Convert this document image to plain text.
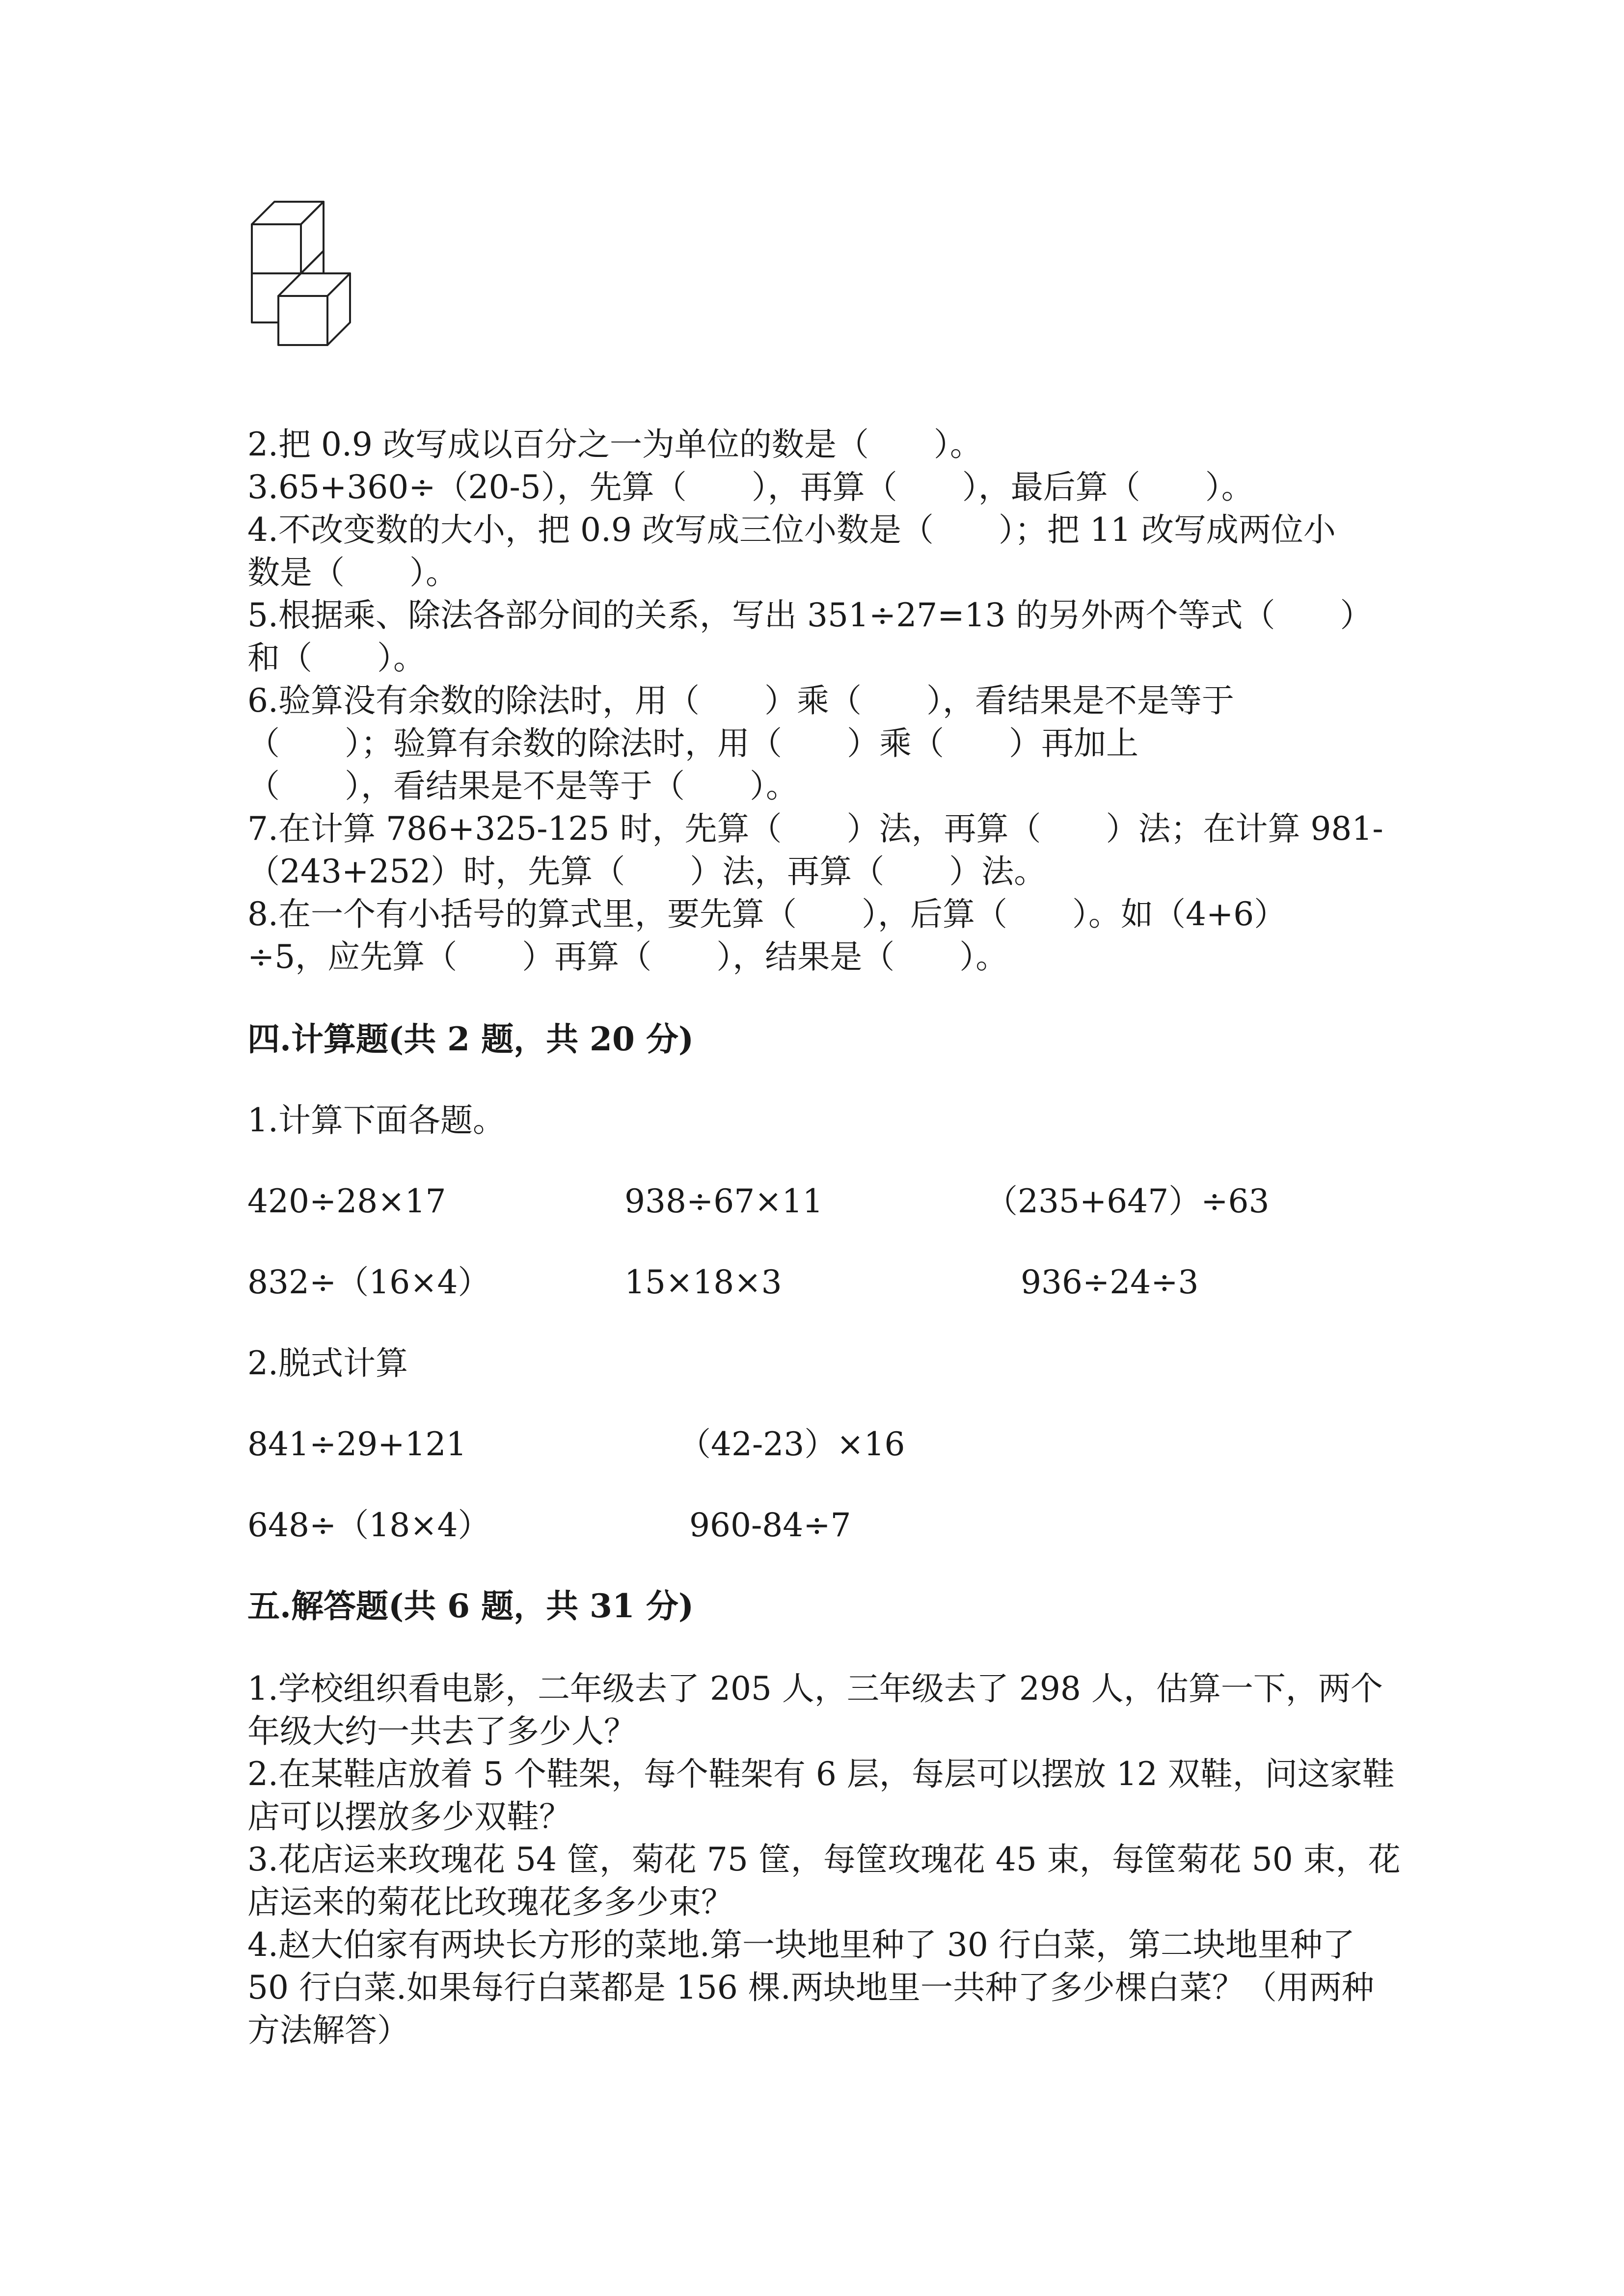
2.把 0.9 改写成以百分之一为单位的数是（　　）。
3.65+360÷（20-5），先算（　　），再算（　　），最后算（　　）。
4.不改变数的大小，把 0.9 改写成三位小数是（　　）；把 11 改写成两位小
数是（　　）。
5.根据乘、除法各部分间的关系，写出 351÷27=13 的另外两个等式（　　）
和（　　）。
6.验算没有余数的除法时，用（　　）乘（　　），看结果是不是等于
（　　）；验算有余数的除法时，用（　　）乘（　　）再加上
（　　），看结果是不是等于（　　）。
7.在计算 786+325-125 时，先算（　　）法，再算（　　）法；在计算 981-
（243+252）时，先算（　　）法，再算（　　）法。
8.在一个有小括号的算式里，要先算（　　），后算（　　）。如（4+6）
÷5，应先算（　　）再算（　　），结果是（　　）。
四.计算题(共 2 题，共 20 分)
1.计算下面各题。
420÷28×17	938÷67×11	（235+647）÷63
832÷（16×4）	15×18×3	936÷24÷3
2.脱式计算
841÷29+121	（42-23）×16
648÷（18×4）	960-84÷7
五.解答题(共 6 题，共 31 分)
1.学校组织看电影，二年级去了 205 人，三年级去了 298 人，估算一下，两个
年级大约一共去了多少人？
2.在某鞋店放着 5 个鞋架，每个鞋架有 6 层，每层可以摆放 12 双鞋，问这家鞋
店可以摆放多少双鞋？
3.花店运来玫瑰花 54 筐，菊花 75 筐，每筐玫瑰花 45 束，每筐菊花 50 束，花
店运来的菊花比玫瑰花多多少束？
4.赵大伯家有两块长方形的菜地.第一块地里种了 30 行白菜，第二块地里种了
50 行白菜.如果每行白菜都是 156 棵.两块地里一共种了多少棵白菜？（用两种
方法解答）
